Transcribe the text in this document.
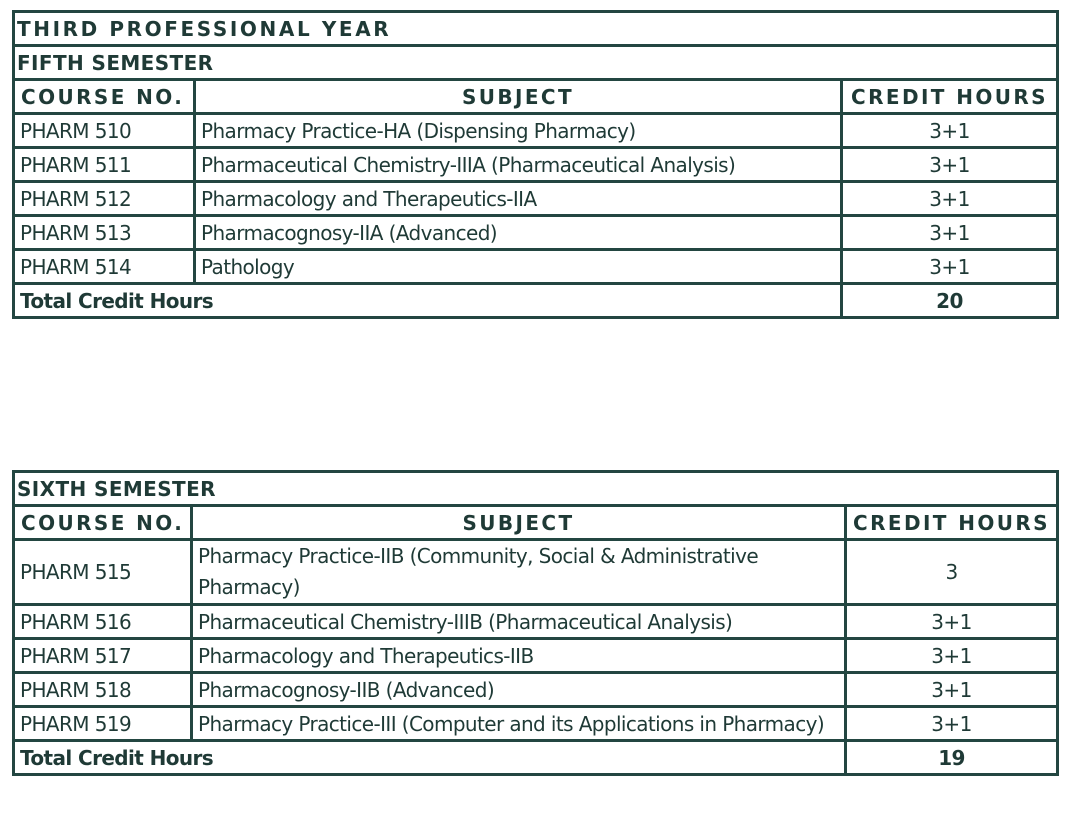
THIRD PROFESSIONAL YEAR		
FIFTH SEMESTER		
COURSE NO.	SUBJECT	CREDIT HOURS
PHARM 510	Pharmacy Practice-HA (Dispensing Pharmacy)	3+1
PHARM 511	Pharmaceutical Chemistry-IIIA (Pharmaceutical Analysis)	3+1
PHARM 512	Pharmacology and Therapeutics-IIA	3+1
PHARM 513	Pharmacognosy-IIA (Advanced)	3+1
PHARM 514	Pathology	3+1
Total Credit Hours		20
SIXTH SEMESTER		
COURSE NO.	SUBJECT	CREDIT HOURS
PHARM 515	Pharmacy Practice-IIB (Community, Social & Administrative Pharmacy)	3
PHARM 516	Pharmaceutical Chemistry-IIIB (Pharmaceutical Analysis)	3+1
PHARM 517	Pharmacology and Therapeutics-IIB	3+1
PHARM 518	Pharmacognosy-IIB (Advanced)	3+1
PHARM 519	Pharmacy Practice-III (Computer and its Applications in Pharmacy)	3+1
Total Credit Hours		19
